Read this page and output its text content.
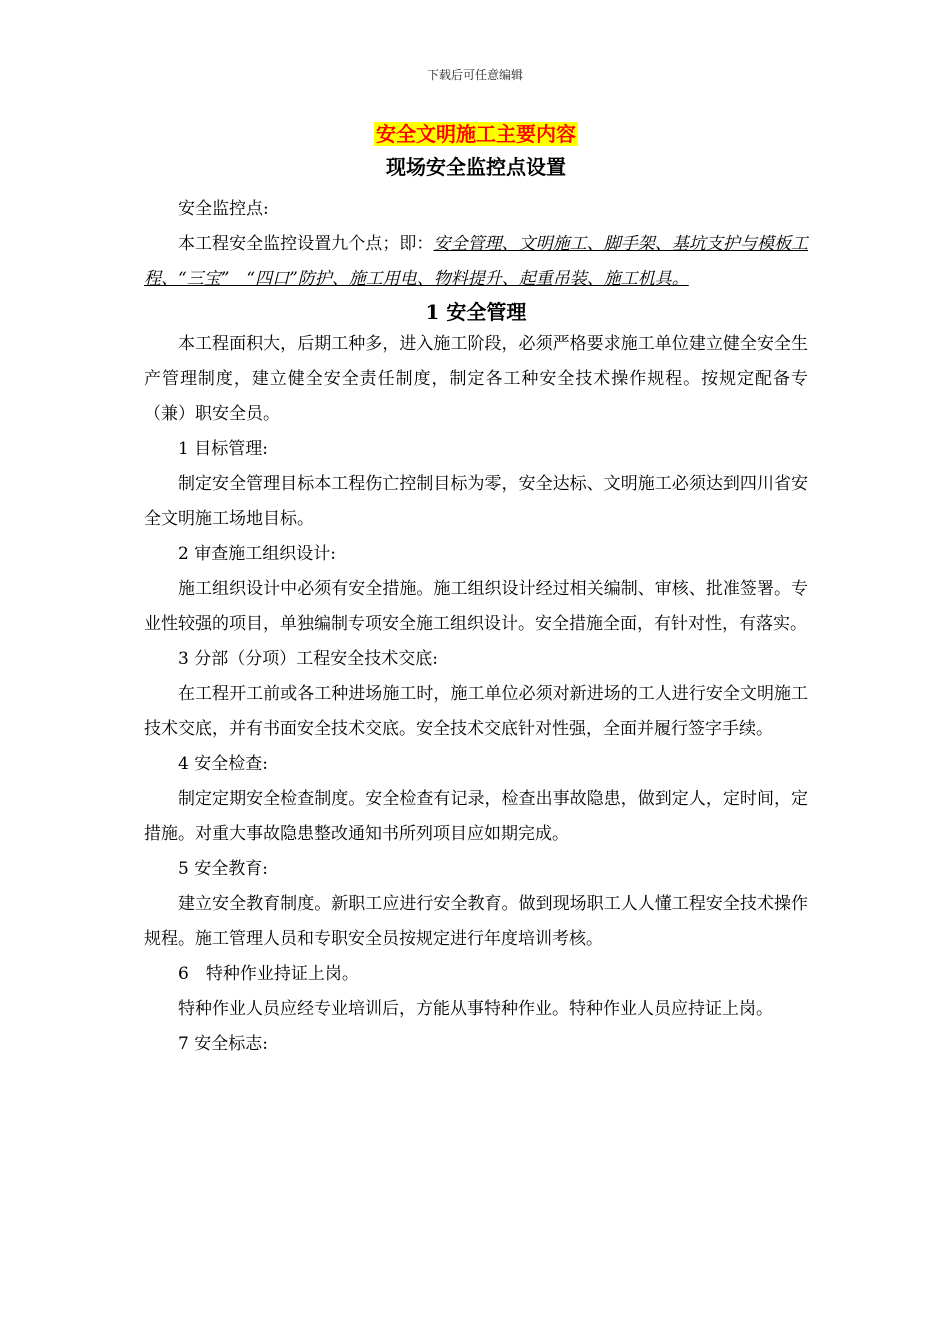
下载后可任意编辑
安全文明施工主要内容
现场安全监控点设置

安全监控点:

本工程安全监控设置九个点；即：安全管理、文明施工、脚手架、基坑支护与模板工程、“三宝”　“四口”防护、施工用电、物料提升、起重吊装、施工机具。

1 安全管理

本工程面积大，后期工种多，进入施工阶段，必须严格要求施工单位建立健全安全生产管理制度，建立健全安全责任制度，制定各工种安全技术操作规程。按规定配备专（兼）职安全员。

1 目标管理:

制定安全管理目标本工程伤亡控制目标为零，安全达标、文明施工必须达到四川省安全文明施工场地目标。

2 审查施工组织设计:

施工组织设计中必须有安全措施。施工组织设计经过相关编制、审核、批准签署。专业性较强的项目，单独编制专项安全施工组织设计。安全措施全面，有针对性，有落实。

3 分部（分项）工程安全技术交底:

在工程开工前或各工种进场施工时，施工单位必须对新进场的工人进行安全文明施工技术交底，并有书面安全技术交底。安全技术交底针对性强，全面并履行签字手续。

4 安全检查:

制定定期安全检查制度。安全检查有记录，检查出事故隐患，做到定人，定时间，定措施。对重大事故隐患整改通知书所列项目应如期完成。

5 安全教育:

建立安全教育制度。新职工应进行安全教育。做到现场职工人人懂工程安全技术操作规程。施工管理人员和专职安全员按规定进行年度培训考核。

6　特种作业持证上岗。

特种作业人员应经专业培训后，方能从事特种作业。特种作业人员应持证上岗。

7 安全标志:
